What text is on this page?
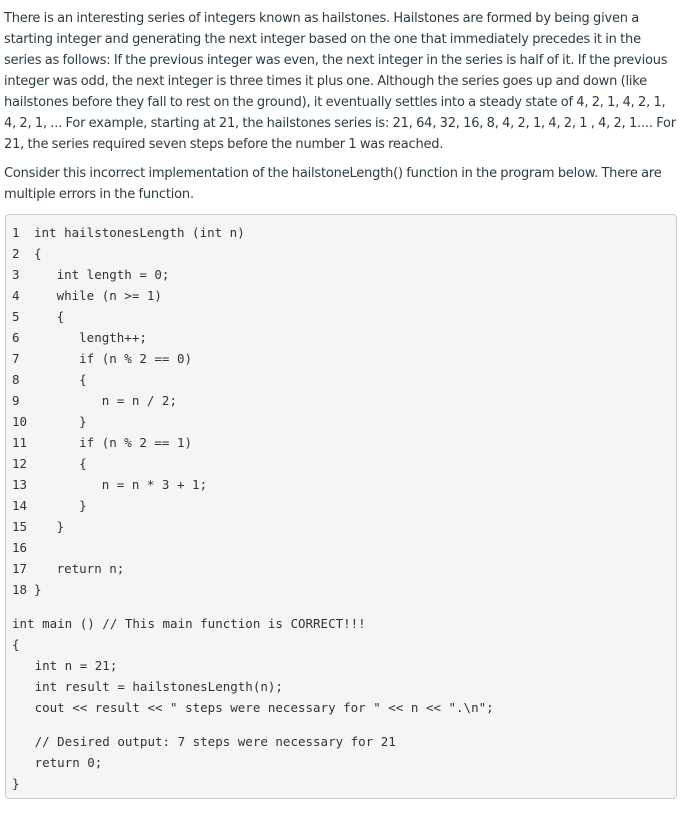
There is an interesting series of integers known as hailstones. Hailstones are formed by being given a starting integer and generating the next integer based on the one that immediately precedes it in the series as follows: If the previous integer was even, the next integer in the series is half of it. If the previous integer was odd, the next integer is three times it plus one. Although the series goes up and down (like hailstones before they fall to rest on the ground), it eventually settles into a steady state of 4, 2, 1, 4, 2, 1, 4, 2, 1, ... For example, starting at 21, the hailstones series is: 21, 64, 32, 16, 8, 4, 2, 1, 4, 2, 1 , 4, 2, 1.... For 21, the series required seven steps before the number 1 was reached.

Consider this incorrect implementation of the hailstoneLength() function in the program below. There are multiple errors in the function.

1 int hailstonesLength (int n)
2 {
3   int length = 0;
4   while (n >= 1)
5   {
6      length++;
7      if (n % 2 == 0)
8      {
9         n = n / 2;
10      }
11      if (n % 2 == 1)
12      {
13         n = n * 3 + 1;
14      }
15   }
16
17   return n;
18 }
int main () // This main function is CORRECT!!!
{
int n = 21;
int result = hailstonesLength(n);
cout << result << " steps were necessary for " << n << ".\n";
// Desired output: 7 steps were necessary for 21
return 0;
}
